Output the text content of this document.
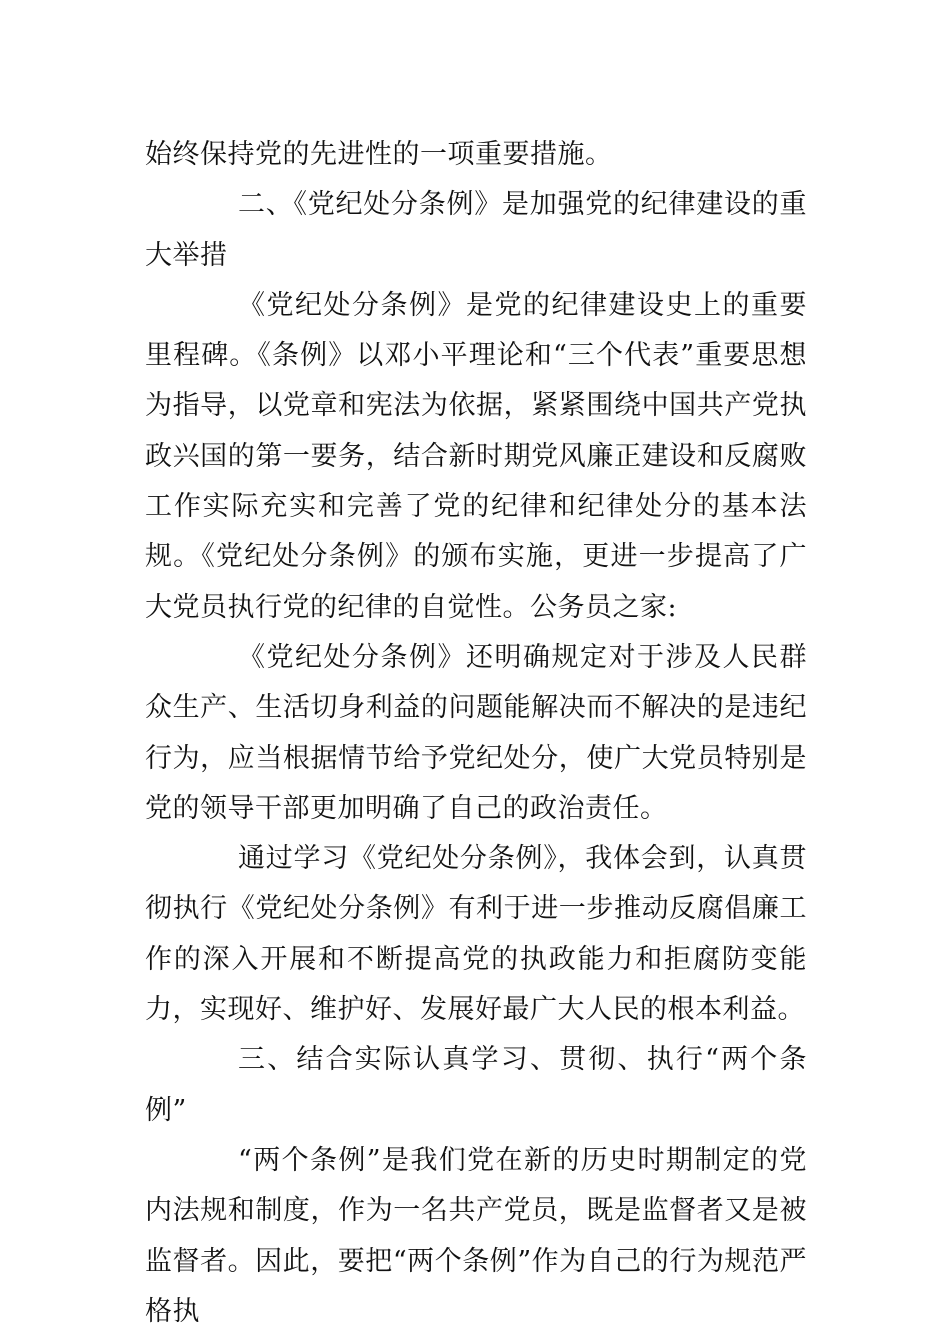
始终保持党的先进性的一项重要措施。

二、《党纪处分条例》是加强党的纪律建设的重大举措

《党纪处分条例》是党的纪律建设史上的重要里程碑。《条例》以邓小平理论和“三个代表”重要思想为指导，以党章和宪法为依据，紧紧围绕中国共产党执政兴国的第一要务，结合新时期党风廉正建设和反腐败工作实际充实和完善了党的纪律和纪律处分的基本法规。《党纪处分条例》的颁布实施，更进一步提高了广大党员执行党的纪律的自觉性。公务员之家:

《党纪处分条例》还明确规定对于涉及人民群众生产、生活切身利益的问题能解决而不解决的是违纪行为，应当根据情节给予党纪处分，使广大党员特别是党的领导干部更加明确了自己的政治责任。

通过学习《党纪处分条例》，我体会到，认真贯彻执行《党纪处分条例》有利于进一步推动反腐倡廉工作的深入开展和不断提高党的执政能力和拒腐防变能力，实现好、维护好、发展好最广大人民的根本利益。

三、结合实际认真学习、贯彻、执行“两个条例”

“两个条例”是我们党在新的历史时期制定的党内法规和制度，作为一名共产党员，既是监督者又是被监督者。因此，要把“两个条例”作为自己的行为规范严格执
